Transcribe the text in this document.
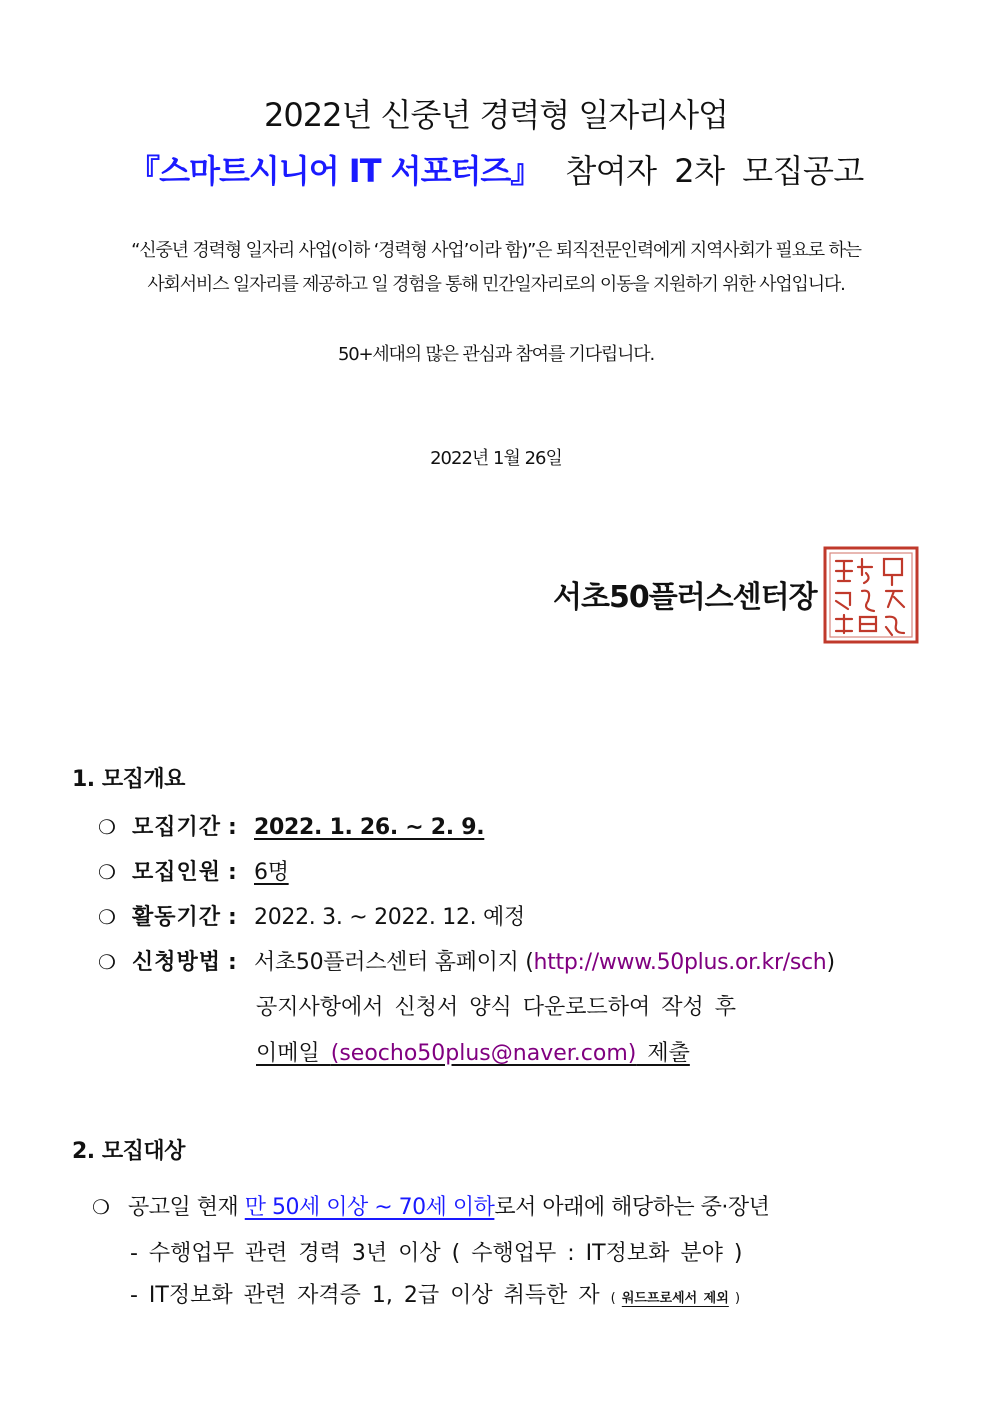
2022년 신중년 경력형 일자리사업
『스마트시니어 IT 서포터즈』 참여자 2차 모집공고
“신중년 경력형 일자리 사업(이하 ‘경력형 사업’이라 함)”은 퇴직전문인력에게 지역사회가 필요로 하는
사회서비스 일자리를 제공하고 일 경험을 통해 민간일자리로의 이동을 지원하기 위한 사업입니다.
50+세대의 많은 관심과 참여를 기다립니다.
2022년 1월 26일
서초50플러스센터장
1. 모집개요
❍ 모집기간 : 2022. 1. 26. ~ 2. 9.
❍ 모집인원 : 6명
❍ 활동기간 : 2022. 3. ~ 2022. 12. 예정
❍ 신청방법 : 서초50플러스센터 홈페이지 (http://www.50plus.or.kr/sch)
공지사항에서 신청서 양식 다운로드하여 작성 후
이메일 (seocho50plus@naver.com) 제출
2. 모집대상
❍ 공고일 현재 만 50세 이상 ~ 70세 이하로서 아래에 해당하는 중·장년
- 수행업무 관련 경력 3년 이상 ( 수행업무 : IT정보화 분야 )
- IT정보화 관련 자격증 1, 2급 이상 취득한 자 ( 워드프로세서 제외 )
